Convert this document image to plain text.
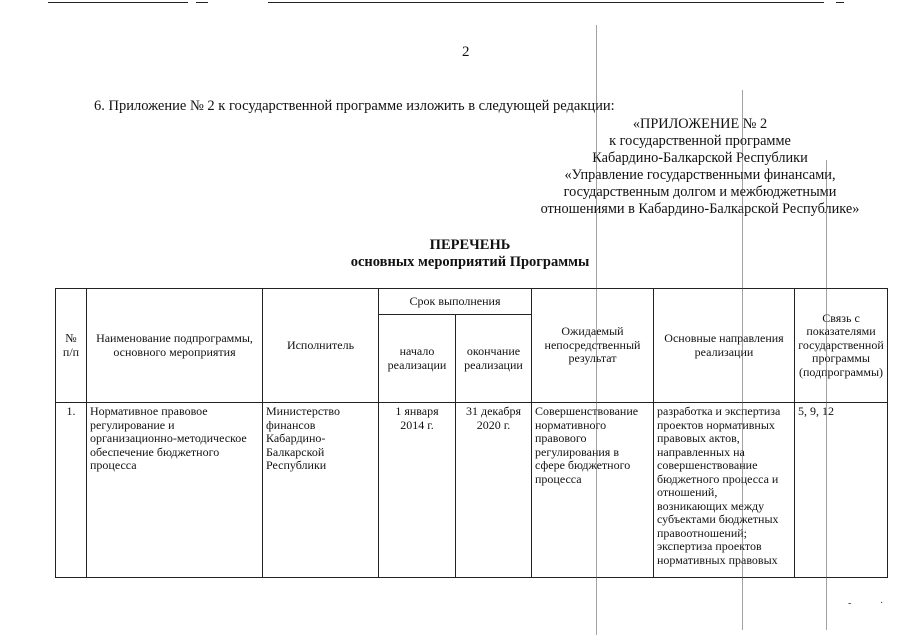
2
6. Приложение № 2 к государственной программе изложить в следующей редакции:
«ПРИЛОЖЕНИЕ № 2
к государственной программе
Кабардино-Балкарской Республики
«Управление государственными финансами,
государственным долгом и межбюджетными
отношениями в Кабардино-Балкарской Республике»
ПЕРЕЧЕНЬ
основных мероприятий Программы
№ п/п	Наименование подпрограммы, основного мероприятия	Исполнитель	Срок выполнения		Ожидаемый непосредственный результат	Основные направления реализации	Связь с показателями государственной программы (подпрограммы)
			начало реализации	окончание реализации			
1.	Нормативное правовое регулирование и организационно-методическое обеспечение бюджетного процесса	Министерство финансов Кабардино-Балкарской Республики	1 января 2014 г.	31 декабря 2020 г.	Совершенствование нормативного правового регулирования в сфере бюджетного процесса	разработка и экспертиза проектов нормативных правовых актов, направленных на совершенствование бюджетного процесса и отношений, возникающих между субъектами бюджетных правоотношений; экспертиза проектов нормативных правовых	5, 9, 12
-	·
